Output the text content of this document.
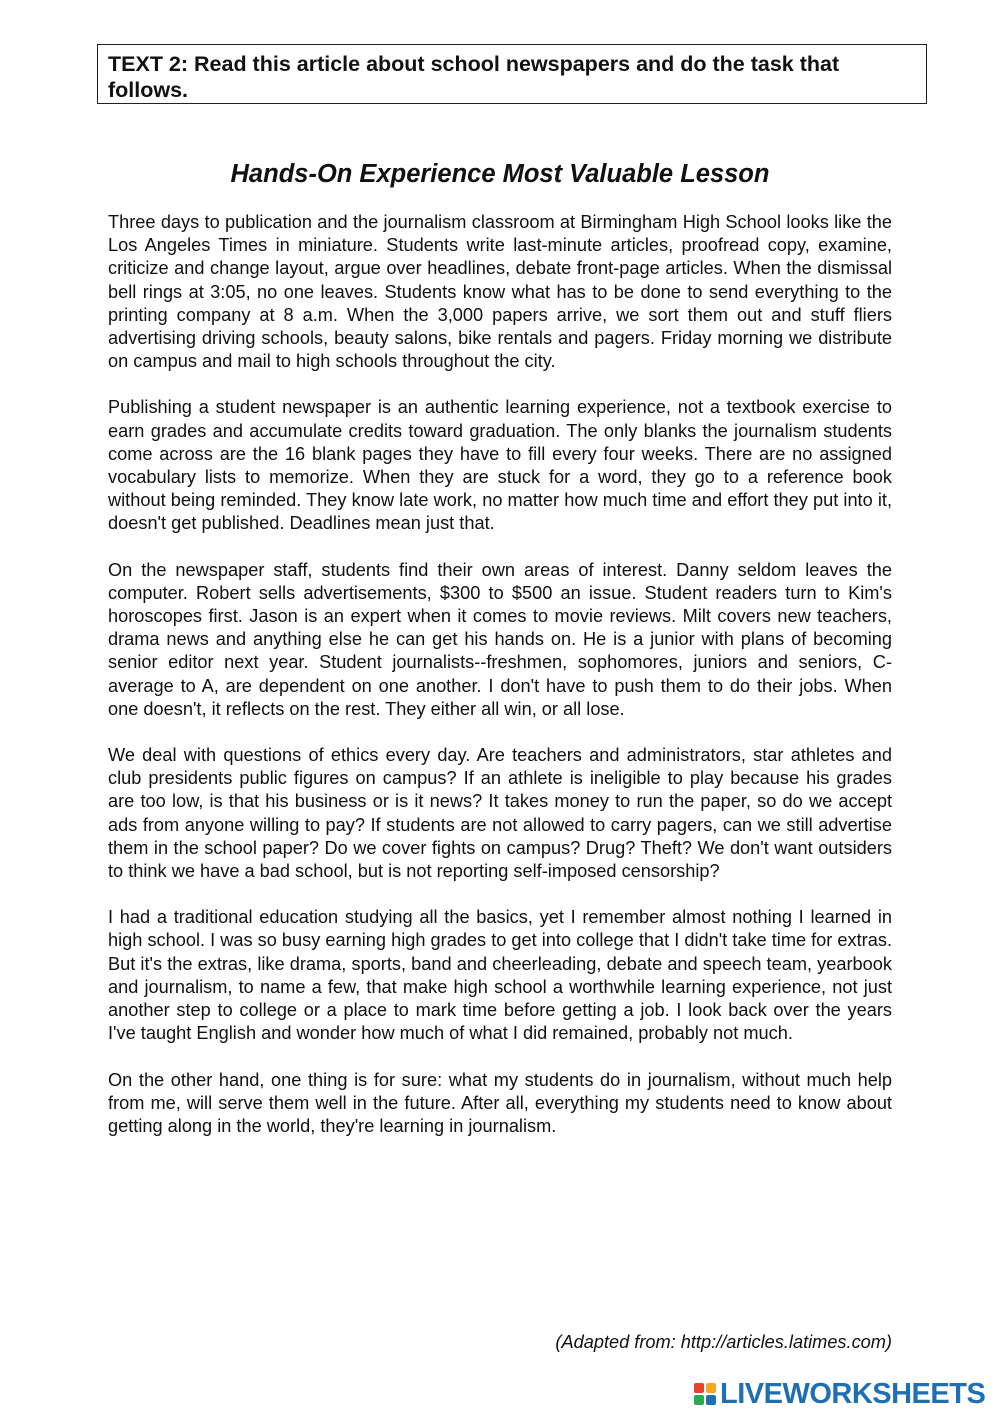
TEXT 2: Read this article about school newspapers and do the task that follows.
Hands-On Experience Most Valuable Lesson

Three days to publication and the journalism classroom at Birmingham High School looks like the Los Angeles Times in miniature. Students write last-minute articles, proofread copy, examine, criticize and change layout, argue over headlines, debate front-page articles. When the dismissal bell rings at 3:05, no one leaves. Students know what has to be done to send everything to the printing company at 8 a.m. When the 3,000 papers arrive, we sort them out and stuff fliers advertising driving schools, beauty salons, bike rentals and pagers. Friday morning we distribute on campus and mail to high schools throughout the city.

Publishing a student newspaper is an authentic learning experience, not a textbook exercise to earn grades and accumulate credits toward graduation. The only blanks the journalism students come across are the 16 blank pages they have to fill every four weeks. There are no assigned vocabulary lists to memorize. When they are stuck for a word, they go to a reference book without being reminded. They know late work, no matter how much time and effort they put into it, doesn't get published. Deadlines mean just that.

On the newspaper staff, students find their own areas of interest. Danny seldom leaves the computer. Robert sells advertisements, $300 to $500 an issue. Student readers turn to Kim's horoscopes first. Jason is an expert when it comes to movie reviews. Milt covers new teachers, drama news and anything else he can get his hands on. He is a junior with plans of becoming senior editor next year. Student journalists--freshmen, sophomores, juniors and seniors, C-average to A, are dependent on one another. I don't have to push them to do their jobs. When one doesn't, it reflects on the rest. They either all win, or all lose.

We deal with questions of ethics every day. Are teachers and administrators, star athletes and club presidents public figures on campus? If an athlete is ineligible to play because his grades are too low, is that his business or is it news? It takes money to run the paper, so do we accept ads from anyone willing to pay? If students are not allowed to carry pagers, can we still advertise them in the school paper? Do we cover fights on campus? Drug? Theft? We don't want outsiders to think we have a bad school, but is not reporting self-imposed censorship?

I had a traditional education studying all the basics, yet I remember almost nothing I learned in high school. I was so busy earning high grades to get into college that I didn't take time for extras. But it's the extras, like drama, sports, band and cheerleading, debate and speech team, yearbook and journalism, to name a few, that make high school a worthwhile learning experience, not just another step to college or a place to mark time before getting a job. I look back over the years I've taught English and wonder how much of what I did remained, probably not much.

On the other hand, one thing is for sure: what my students do in journalism, without much help from me, will serve them well in the future. After all, everything my students need to know about getting along in the world, they're learning in journalism.

(Adapted from: http://articles.latimes.com)
LIVEWORKSHEETS
